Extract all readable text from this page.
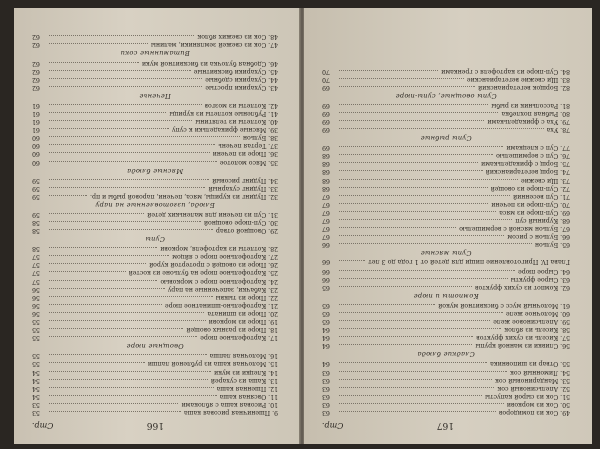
166
Стр.
9. Пшеничная рисовая каша
53
10. Рисовая каша с яблоками
53
11. Овсяная каша
54
12. Пшенная каша
54
13. Каша из сухарей
54
14. Клецки из муки
54
15. Молочная каша из рубленой лапши
55
16. Молочная лапша
55
Овощные пюре
17. Картофельное пюре
55
18. Пюре из разных овощей
55
19. Пюре из моркови
55
20. Пюре из шпината
56
21. Картофельно-шпинатное пюре
56
22. Пюре из тыквы
56
23. Кабачки, запеченные на пару
56
24. Картофельное пюре с морковью
57
25. Картофельное пюре на бульоне из костей
57
26. Пюре из овощей с протертой курой
57
27. Картофельное пюре с яйцом
57
28. Котлеты из картофеля, моркови
58
Супы
29. Овощной отвар
58
30. Суп-пюре овощной
58
31. Суп из печени для маленьких детей
59
Блюда, изготовленные на пару
32. Пудинг из курицы, мяса, печени, паровой рыбы и пр.
59
33. Пудинг сухарный
59
34. Пудинг рисовый
59
Мясные блюда
35. Мясо молотое
60
36. Пюре из печени
60
37. Тертая печень
60
38. Бульон
60
39. Мясные фрикадельки к супу
61
40. Котлеты из телятины
61
41. Рубленые котлеты из курицы
61
42. Котлеты из мозгов
61
Печенье
43. Сухарики простые
62
44. Сухарики сдобные
62
45. Сухарики бисквитные
62
46. Сдобная булочка из бисквитной муки
62
Витаминные соки
47. Сок из свежей земляники, малины
62
48. Сок из свежих яблок
62
167
Стр.
49. Сок из помидоров
63
50. Сок из моркови
63
51. Сок из сырой капусты
63
52. Апельсиновый сок
63
53. Мандариновый сок
63
54. Лимонный сок
63
55. Отвар из шиповника
64
Сладкие блюда
56. Сливки из манной крупы
64
57. Кисель из сухих фруктов
64
58. Кисель из яблок
64
59. Апельсиновое желе
65
60. Молочное желе
65
61. Молочный мусс с бисквитной мукой
65
Компоты и пюре
62. Компот из сухих фруктов
65
63. Сырое фрукты
66
64. Сырое пюре
66
Глава IV. Приготовление пищи для детей от 1 года до 3 лет
66
Супы мясные
65. Бульон
66
66. Бульон с рисом
67
67. Бульон мясной с вермишелью
67
68. Куриный суп
67
69. Суп-пюре из мяса
67
70. Суп-пюре из печени
67
71. Суп весенний
67
72. Суп-пюре из овощей
68
73. Щи свежие
68
74. Борщ вегетарианский
68
75. Борщ с фрикадельками
68
76. Суп с вермишелью
68
77. Суп с клецками
69
Супы рыбные
78. Уха
69
79. Уха с фрикадельками
69
80. Рыбная похлебка
69
81. Рассольник из рыбы
69
Супы овощные, супы-пюре
82. Борщок вегетарианский
69
83. Щи свежие вегетарианские
70
84. Суп-пюре из картофеля с гренками
70
